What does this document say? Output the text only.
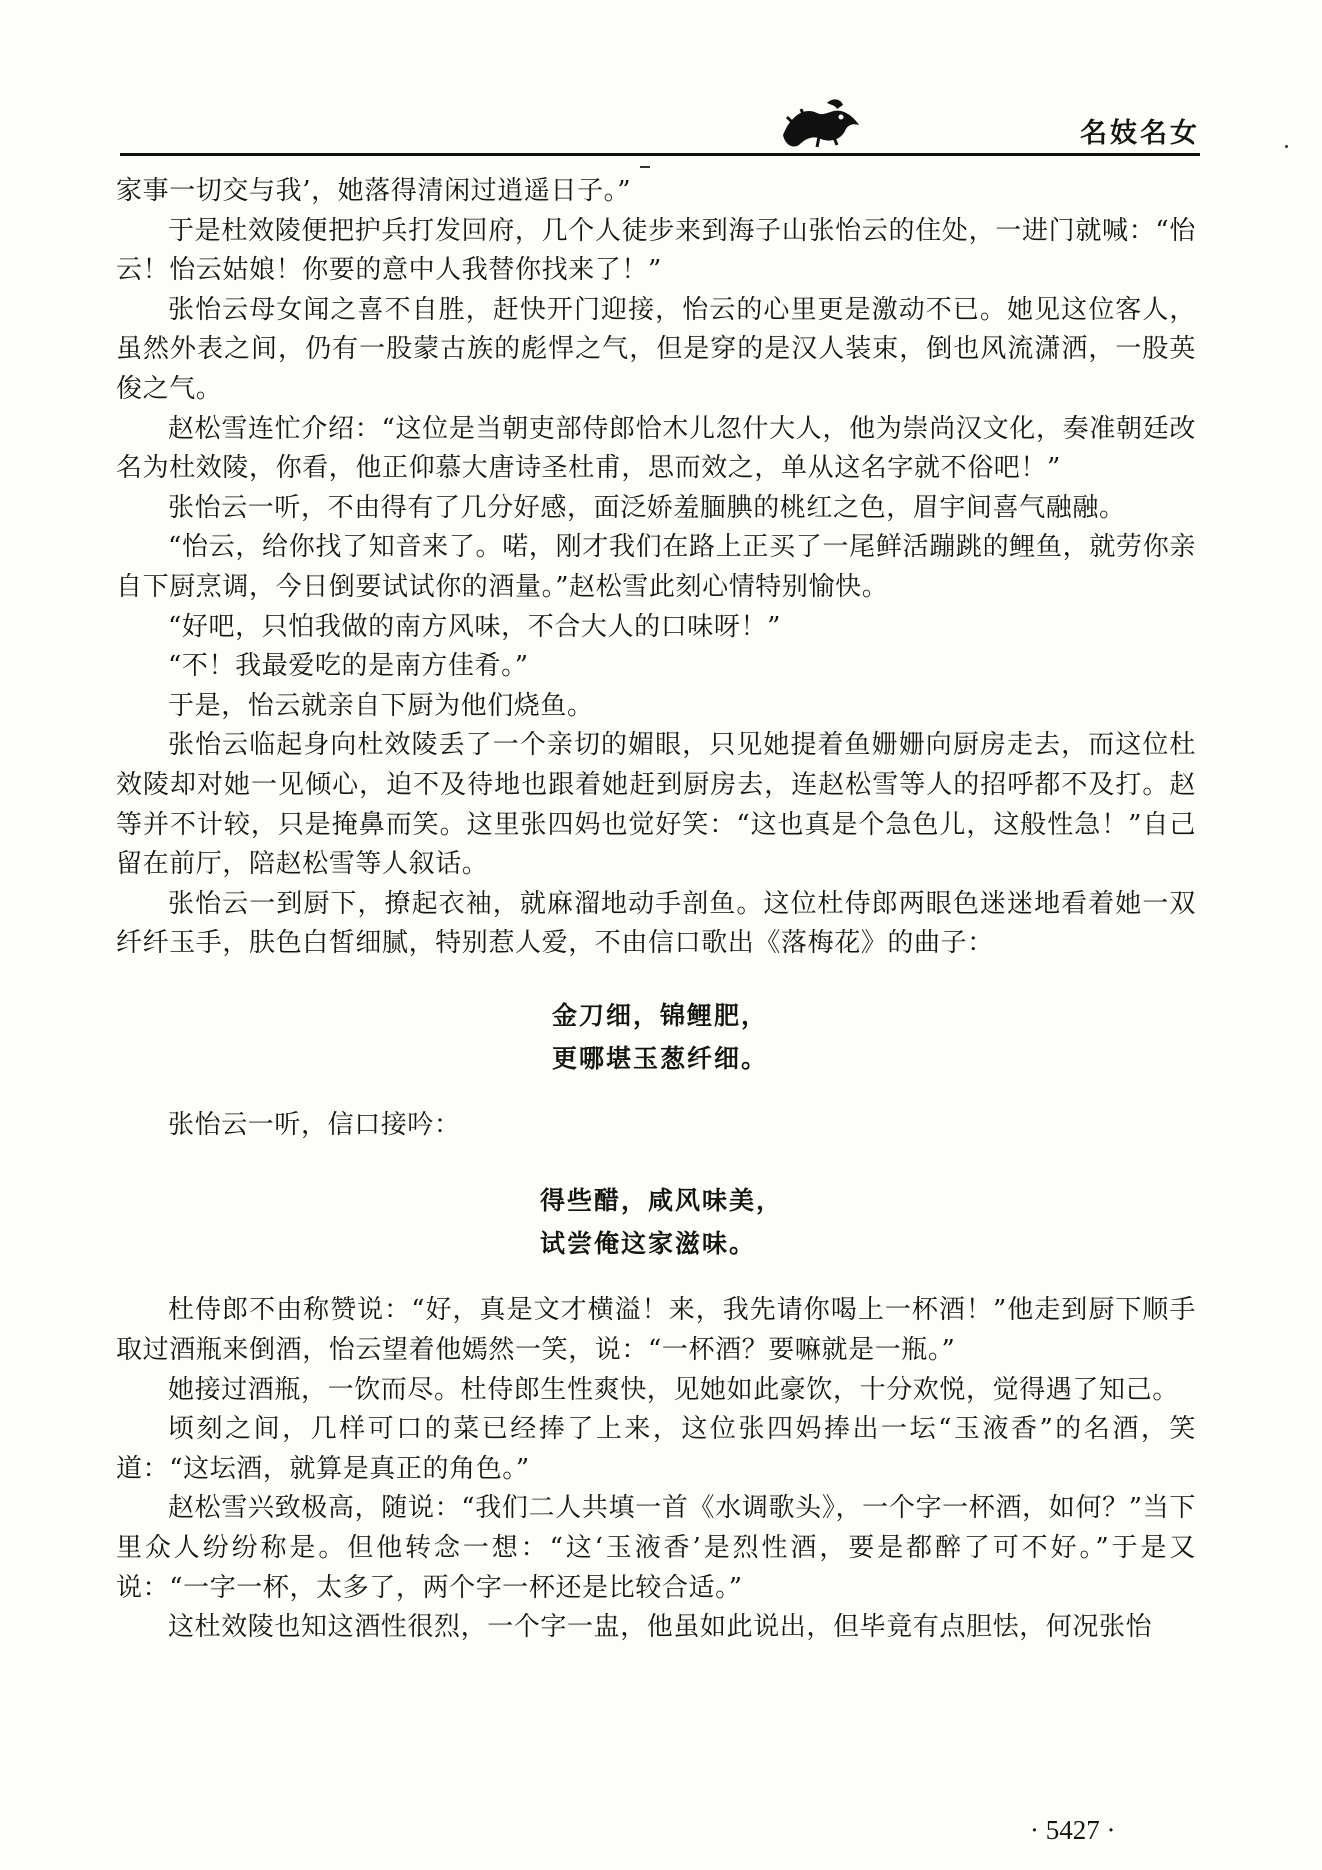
名妓名女

家事一切交与我’，她落得清闲过逍遥日子。”

于是杜效陵便把护兵打发回府，几个人徒步来到海子山张怡云的住处，一进门就喊：“怡云！怡云姑娘！你要的意中人我替你找来了！”

张怡云母女闻之喜不自胜，赶快开门迎接，怡云的心里更是激动不已。她见这位客人，虽然外表之间，仍有一股蒙古族的彪悍之气，但是穿的是汉人装束，倒也风流潇洒，一股英俊之气。

赵松雪连忙介绍：“这位是当朝吏部侍郎恰木儿忽什大人，他为崇尚汉文化，奏准朝廷改名为杜效陵，你看，他正仰慕大唐诗圣杜甫，思而效之，单从这名字就不俗吧！”

张怡云一听，不由得有了几分好感，面泛娇羞腼腆的桃红之色，眉宇间喜气融融。

“怡云，给你找了知音来了。喏，刚才我们在路上正买了一尾鲜活蹦跳的鲤鱼，就劳你亲自下厨烹调，今日倒要试试你的酒量。”赵松雪此刻心情特别愉快。

“好吧，只怕我做的南方风味，不合大人的口味呀！”

“不！我最爱吃的是南方佳肴。”

于是，怡云就亲自下厨为他们烧鱼。

张怡云临起身向杜效陵丢了一个亲切的媚眼，只见她提着鱼姗姗向厨房走去，而这位杜效陵却对她一见倾心，迫不及待地也跟着她赶到厨房去，连赵松雪等人的招呼都不及打。赵等并不计较，只是掩鼻而笑。这里张四妈也觉好笑：“这也真是个急色儿，这般性急！”自己留在前厅，陪赵松雪等人叙话。

张怡云一到厨下，撩起衣袖，就麻溜地动手剖鱼。这位杜侍郎两眼色迷迷地看着她一双纤纤玉手，肤色白皙细腻，特别惹人爱，不由信口歌出《落梅花》的曲子：

金刀细，锦鲤肥，

更哪堪玉葱纤细。

张怡云一听，信口接吟：

得些醋，咸风味美，

试尝俺这家滋味。

杜侍郎不由称赞说：“好，真是文才横溢！来，我先请你喝上一杯酒！”他走到厨下顺手取过酒瓶来倒酒，怡云望着他嫣然一笑，说：“一杯酒？要嘛就是一瓶。”

她接过酒瓶，一饮而尽。杜侍郎生性爽快，见她如此豪饮，十分欢悦，觉得遇了知己。

顷刻之间，几样可口的菜已经捧了上来，这位张四妈捧出一坛“玉液香”的名酒，笑道：“这坛酒，就算是真正的角色。”

赵松雪兴致极高，随说：“我们二人共填一首《水调歌头》，一个字一杯酒，如何？”当下里众人纷纷称是。但他转念一想：“这‘玉液香’是烈性酒，要是都醉了可不好。”于是又说：“一字一杯，太多了，两个字一杯还是比较合适。”

这杜效陵也知这酒性很烈，一个字一盅，他虽如此说出，但毕竟有点胆怯，何况张怡

· 5427 ·
